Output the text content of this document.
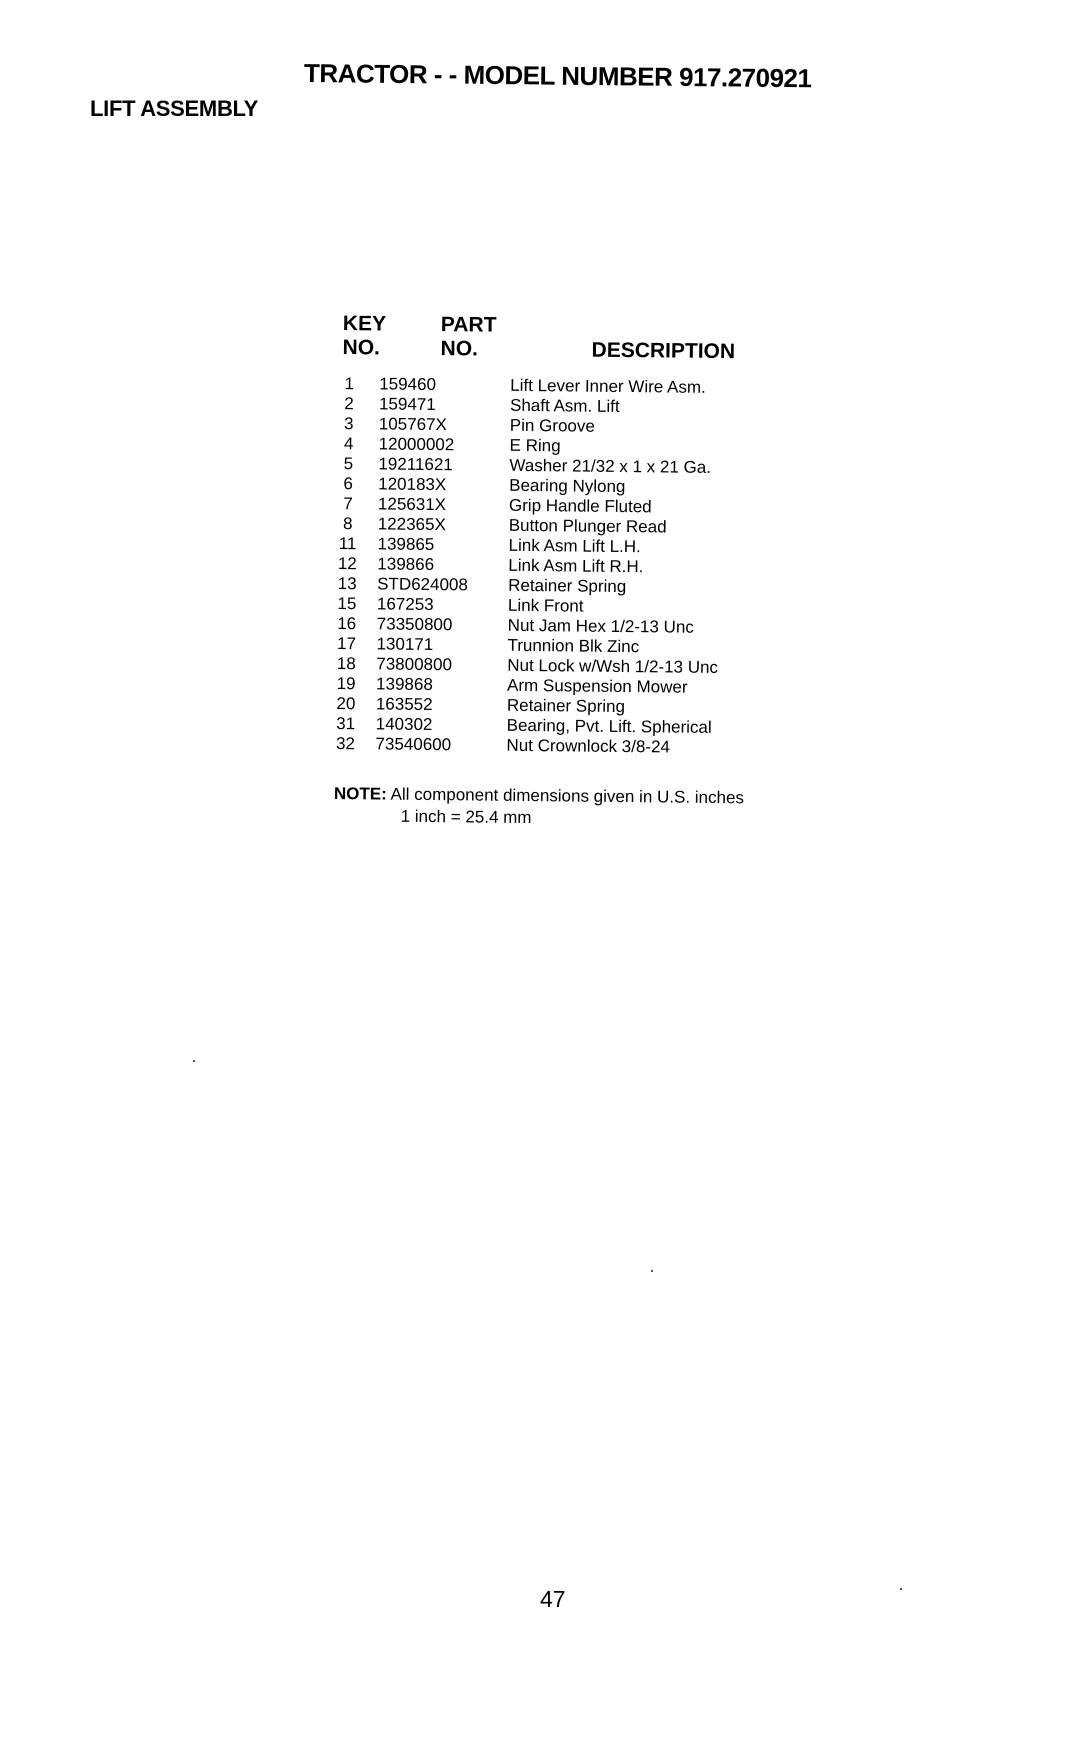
TRACTOR - - MODEL NUMBER 917.270921
LIFT ASSEMBLY
KEY
NO.
PART
NO.	DESCRIPTION
1	159460	Lift Lever Inner Wire Asm.
2	159471	Shaft Asm. Lift
3	105767X	Pin Groove
4	12000002	E Ring
5	19211621	Washer 21/32 x 1 x 21 Ga.
6	120183X	Bearing Nylong
7	125631X	Grip Handle Fluted
8	122365X	Button Plunger Read
11 139865	Link Asm Lift L.H.
12 139866	Link Asm Lift R.H.
13 STD624008 Retainer Spring
15 167253	Link Front
16 73350800	Nut Jam Hex 1/2-13 Unc
17 130171	Trunnion Blk Zinc
18 73800800	Nut Lock w/Wsh 1/2-13 Unc
19 139868	Arm Suspension Mower
20 163552	Retainer Spring
31 140302	Bearing, Pvt. Lift. Spherical
32 73540600	Nut Crownlock 3/8-24
NOTE: All component dimensions given in U.S. inches
1 inch = 25.4 mm
47
